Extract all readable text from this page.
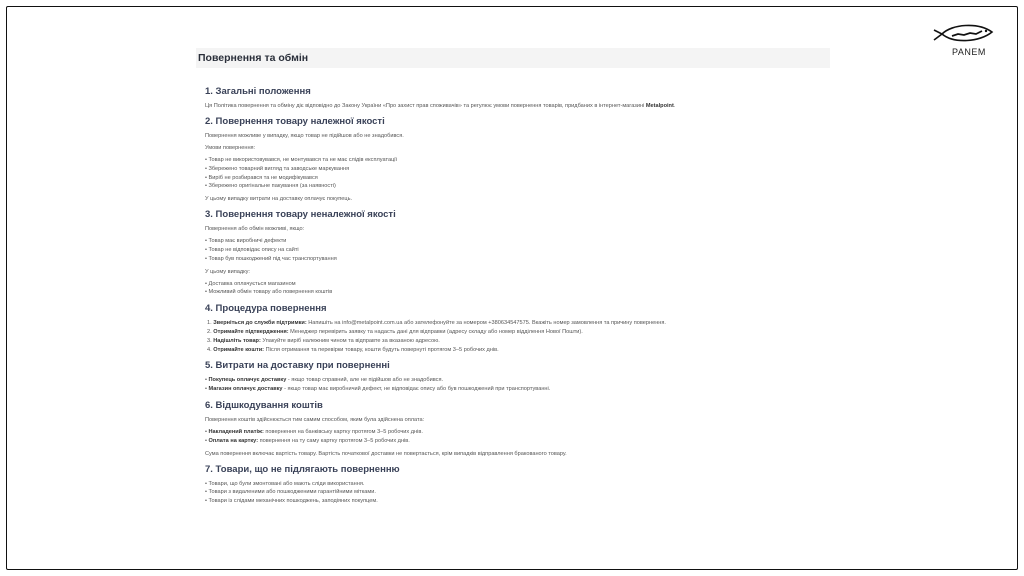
PANEM
Повернення та обмін
1. Загальні положення

Ця Політика повернення та обміну діє відповідно до Закону України «Про захист прав споживачів» та регулює умови повернення товарів, придбаних в інтернет-магазині Metalpoint.

2. Повернення товару належної якості

Повернення можливе у випадку, якщо товар не підійшов або не знадобився.

Умови повернення:

• Товар не використовувався, не монтувався та не має слідів експлуатації
• Збережено товарний вигляд та заводське маркування
• Виріб не розбирався та не модифікувався
• Збережено оригінальне пакування (за наявності)

У цьому випадку витрати на доставку оплачує покупець.

3. Повернення товару неналежної якості

Повернення або обмін можливі, якщо:

• Товар має виробничі дефекти
• Товар не відповідає опису на сайті
• Товар був пошкоджений під час транспортування

У цьому випадку:

• Доставка оплачується магазином
• Можливий обмін товару або повернення коштів
4. Процедура повернення
1. Зверніться до служби підтримки: Напишіть на info@metalpoint.com.ua або зателефонуйте за номером +380634547575. Вкажіть номер замовлення та причину повернення.
2. Отримайте підтвердження: Менеджер перевірить заявку та надасть дані для відправки (адресу складу або номер відділення Нової Пошти).
3. Надішліть товар: Упакуйте виріб належним чином та відправте за вказаною адресою.
4. Отримайте кошти: Після отримання та перевірки товару, кошти будуть повернуті протягом 3–5 робочих днів.
5. Витрати на доставку при поверненні
• Покупець оплачує доставку - якщо товар справний, але не підійшов або не знадобився.
• Магазин оплачує доставку - якщо товар має виробничий дефект, не відповідає опису або був пошкоджений при транспортуванні.
6. Відшкодування коштів

Повернення коштів здійснюється тим самим способом, яким була здійснена оплата:

• Накладений платіж: повернення на банківську картку протягом 3–5 робочих днів.
• Оплата на картку: повернення на ту саму картку протягом 3–5 робочих днів.

Сума повернення включає вартість товару. Вартість початкової доставки не повертається, крім випадків відправлення бракованого товару.

7. Товари, що не підлягають поверненню
• Товари, що були змонтовані або мають сліди використання.
• Товари з видаленими або пошкодженими гарантійними мітками.
• Товари із слідами механічних пошкоджень, заподіяних покупцем.
